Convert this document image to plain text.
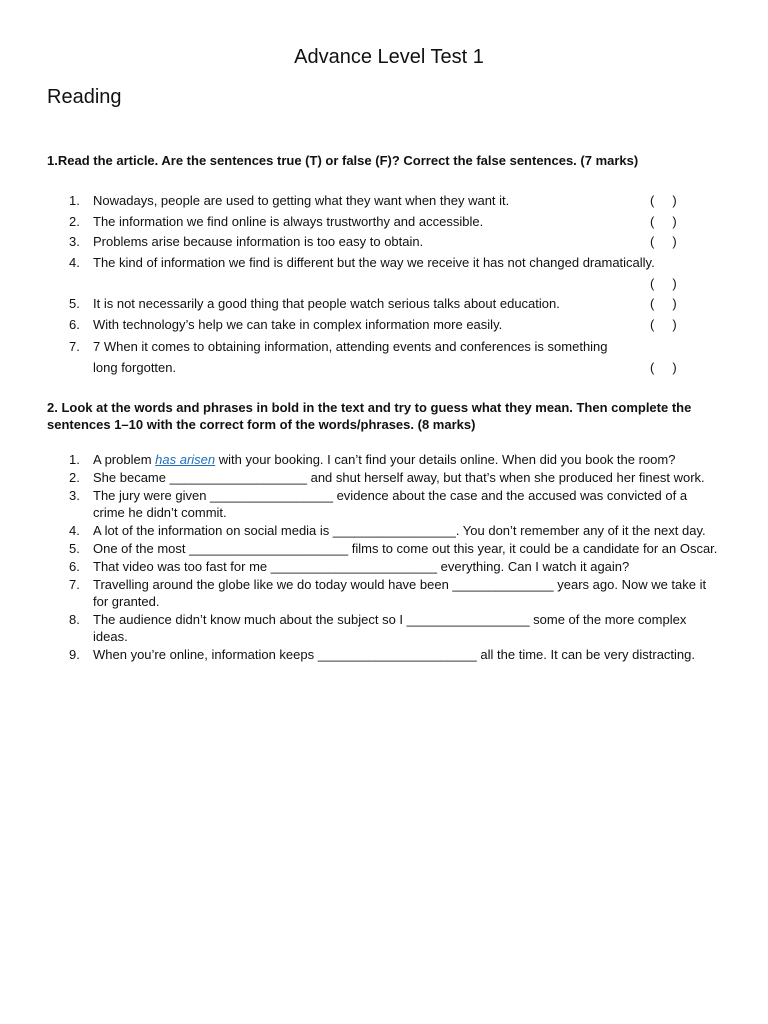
Advance Level Test 1
Reading

1.Read the article. Are the sentences true (T) or false (F)? Correct the false sentences. (7 marks)

1. Nowadays, people are used to getting what they want when they want it.	(     )
2. The information we find online is always trustworthy and accessible.	(     )
3. Problems arise because information is too easy to obtain.	(     )
4. The kind of information we find is different but the way we receive it has not changed dramatically.
(     )
5. It is not necessarily a good thing that people watch serious talks about education.	(     )
6. With technology’s help we can take in complex information more easily.	(     )
7. 7 When it comes to obtaining information, attending events and conferences is something long forgotten.	(     )

2. Look at the words and phrases in bold in the text and try to guess what they mean. Then complete the sentences 1–10 with the correct form of the words/phrases. (8 marks)

1. A problem has arisen with your booking. I can’t find your details online. When did you book the room?
2. She became ___________________ and shut herself away, but that’s when she produced her finest work.
3. The jury were given _________________ evidence about the case and the accused was convicted of a crime he didn’t commit.
4. A lot of the information on social media is _________________. You don’t remember any of it the next day.
5. One of the most ______________________ films to come out this year, it could be a candidate for an Oscar.
6. That video was too fast for me _______________________ everything. Can I watch it again?
7. Travelling around the globe like we do today would have been ______________ years ago. Now we take it for granted.
8. The audience didn’t know much about the subject so I _________________ some of the more complex ideas.
9. When you’re online, information keeps ______________________ all the time. It can be very distracting.
